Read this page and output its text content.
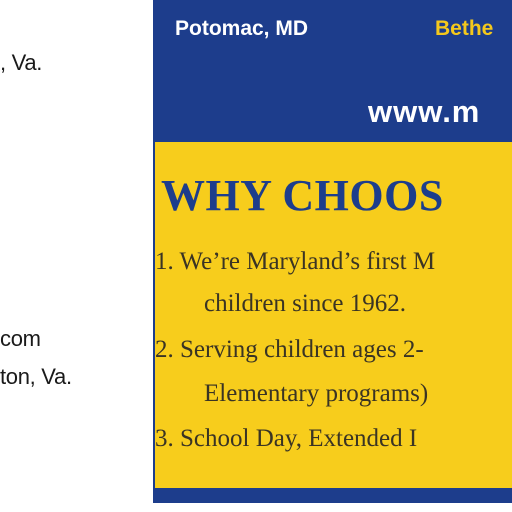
, Va.
com
ton, Va.
Potomac, MD	Bethe
www.m
WHY CHOOS
1. We’re Maryland’s first M
children since 1962.
2. Serving children ages 2-
Elementary programs)
3. School Day, Extended I
